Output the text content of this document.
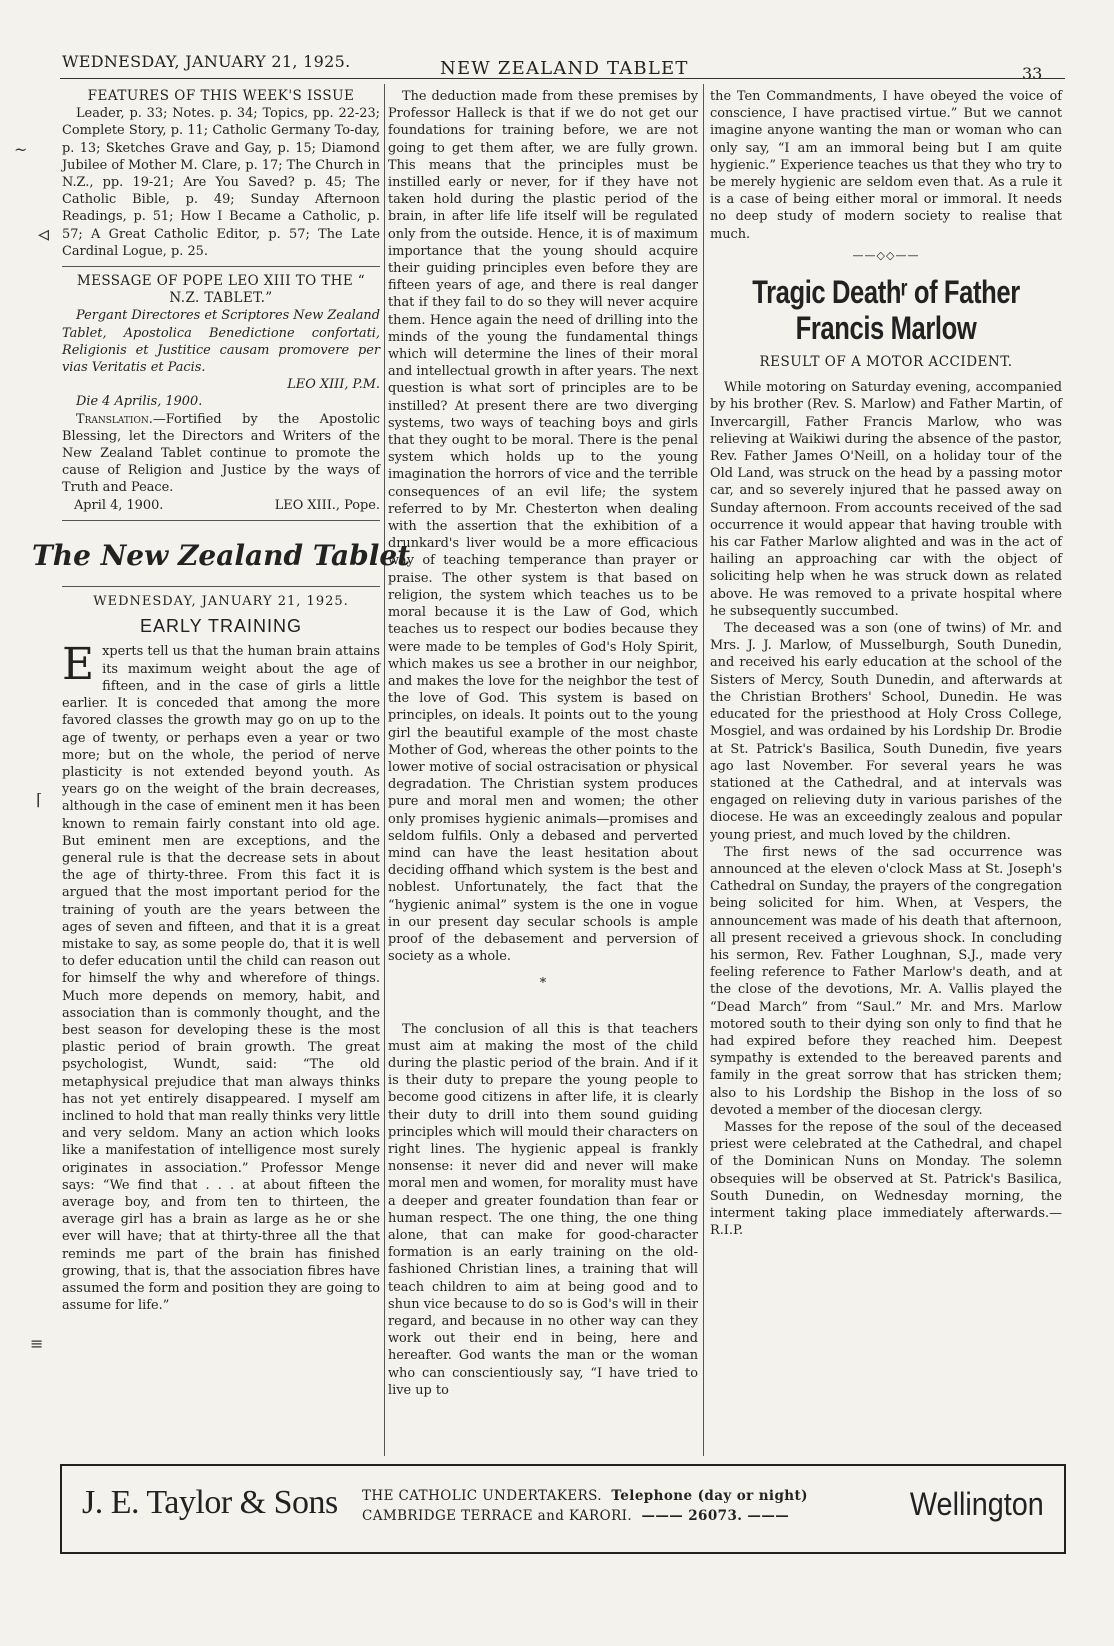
WEDNESDAY, JANUARY 21, 1925.	NEW ZEALAND TABLET	33
~
◃
⌈
≡
FEATURES OF THIS WEEK'S ISSUE

Leader, p. 33; Notes. p. 34; Topics, pp. 22-23; Complete Story, p. 11; Catholic Germany To-day, p. 13; Sketches Grave and Gay, p. 15; Diamond Jubilee of Mother M. Clare, p. 17; The Church in N.Z., pp. 19-21; Are You Saved? p. 45; The Catholic Bible, p. 49; Sunday Afternoon Readings, p. 51; How I Became a Catholic, p. 57; A Great Catholic Editor, p. 57; The Late Cardinal Logue, p. 25.

MESSAGE OF POPE LEO XIII TO THE “ N.Z. TABLET.”

Pergant Directores et Scriptores New Zealand Tablet, Apostolica Benedictione confortati, Religionis et Justitice causam promovere per vias Veritatis et Pacis.

LEO XIII, P.M.

Die 4 Aprilis, 1900.

Translation.—Fortified by the Apostolic Blessing, let the Directors and Writers of the New Zealand Tablet continue to promote the cause of Religion and Justice by the ways of Truth and Peace.

April 4, 1900.	LEO XIII., Pope.
The New Zealand Tablet
WEDNESDAY, JANUARY 21, 1925.
EARLY TRAINING

Experts tell us that the human brain attains its maximum weight about the age of fifteen, and in the case of girls a little earlier. It is conceded that among the more favored classes the growth may go on up to the age of twenty, or perhaps even a year or two more; but on the whole, the period of nerve plasticity is not extended beyond youth. As years go on the weight of the brain decreases, although in the case of eminent men it has been known to remain fairly constant into old age. But eminent men are exceptions, and the general rule is that the decrease sets in about the age of thirty-three. From this fact it is argued that the most important period for the training of youth are the years between the ages of seven and fifteen, and that it is a great mistake to say, as some people do, that it is well to defer education until the child can reason out for himself the why and wherefore of things. Much more depends on memory, habit, and association than is commonly thought, and the best season for developing these is the most plastic period of brain growth. The great psychologist, Wundt, said: “The old metaphysical prejudice that man always thinks has not yet entirely disappeared. I myself am inclined to hold that man really thinks very little and very seldom. Many an action which looks like a manifestation of intelligence most surely originates in association.” Professor Menge says: “We find that . . . at about fifteen the average boy, and from ten to thirteen, the average girl has a brain as large as he or she ever will have; that at thirty-three all the that reminds me part of the brain has finished growing, that is, that the association fibres have assumed the form and position they are going to assume for life.”

The deduction made from these premises by Professor Halleck is that if we do not get our foundations for training before, we are not going to get them after, we are fully grown. This means that the principles must be instilled early or never, for if they have not taken hold during the plastic period of the brain, in after life life itself will be regulated only from the outside. Hence, it is of maximum importance that the young should acquire their guiding principles even before they are fifteen years of age, and there is real danger that if they fail to do so they will never acquire them. Hence again the need of drilling into the minds of the young the fundamental things which will determine the lines of their moral and intellectual growth in after years. The next question is what sort of principles are to be instilled? At present there are two diverging systems, two ways of teaching boys and girls that they ought to be moral. There is the penal system which holds up to the young imagination the horrors of vice and the terrible consequences of an evil life; the system referred to by Mr. Chesterton when dealing with the assertion that the exhibition of a drunkard's liver would be a more efficacious way of teaching temperance than prayer or praise. The other system is that based on religion, the system which teaches us to be moral because it is the Law of God, which teaches us to respect our bodies because they were made to be temples of God's Holy Spirit, which makes us see a brother in our neighbor, and makes the love for the neighbor the test of the love of God. This system is based on principles, on ideals. It points out to the young girl the beautiful example of the most chaste Mother of God, whereas the other points to the lower motive of social ostracisation or physical degradation. The Christian system produces pure and moral men and women; the other only promises hygienic animals—promises and seldom fulfils. Only a debased and perverted mind can have the least hesitation about deciding offhand which system is the best and noblest. Unfortunately, the fact that the “hygienic animal” system is the one in vogue in our present day secular schools is ample proof of the debasement and perversion of society as a whole.

*

The conclusion of all this is that teachers must aim at making the most of the child during the plastic period of the brain. And if it is their duty to prepare the young people to become good citizens in after life, it is clearly their duty to drill into them sound guiding principles which will mould their characters on right lines. The hygienic appeal is frankly nonsense: it never did and never will make moral men and women, for morality must have a deeper and greater foundation than fear or human respect. The one thing, the one thing alone, that can make for good-character formation is an early training on the old-fashioned Christian lines, a training that will teach children to aim at being good and to shun vice because to do so is God's will in their regard, and because in no other way can they work out their end in being, here and hereafter. God wants the man or the woman who can conscientiously say, “I have tried to live up to

the Ten Commandments, I have obeyed the voice of conscience, I have practised virtue.” But we cannot imagine anyone wanting the man or woman who can only say, “I am an immoral being but I am quite hygienic.” Experience teaches us that they who try to be merely hygienic are seldom even that. As a rule it is a case of being either moral or immoral. It needs no deep study of modern society to realise that much.

——◇◇——
Tragic Deathʳ of Father Francis Marlow
RESULT OF A MOTOR ACCIDENT.

While motoring on Saturday evening, accompanied by his brother (Rev. S. Marlow) and Father Martin, of Invercargill, Father Francis Marlow, who was relieving at Waikiwi during the absence of the pastor, Rev. Father James O'Neill, on a holiday tour of the Old Land, was struck on the head by a passing motor car, and so severely injured that he passed away on Sunday afternoon. From accounts received of the sad occurrence it would appear that having trouble with his car Father Marlow alighted and was in the act of hailing an approaching car with the object of soliciting help when he was struck down as related above. He was removed to a private hospital where he subsequently succumbed.

The deceased was a son (one of twins) of Mr. and Mrs. J. J. Marlow, of Musselburgh, South Dunedin, and received his early education at the school of the Sisters of Mercy, South Dunedin, and afterwards at the Christian Brothers' School, Dunedin. He was educated for the priesthood at Holy Cross College, Mosgiel, and was ordained by his Lordship Dr. Brodie at St. Patrick's Basilica, South Dunedin, five years ago last November. For several years he was stationed at the Cathedral, and at intervals was engaged on relieving duty in various parishes of the diocese. He was an exceedingly zealous and popular young priest, and much loved by the children.

The first news of the sad occurrence was announced at the eleven o'clock Mass at St. Joseph's Cathedral on Sunday, the prayers of the congregation being solicited for him. When, at Vespers, the announcement was made of his death that afternoon, all present received a grievous shock. In concluding his sermon, Rev. Father Loughnan, S.J., made very feeling reference to Father Marlow's death, and at the close of the devotions, Mr. A. Vallis played the “Dead March” from “Saul.” Mr. and Mrs. Marlow motored south to their dying son only to find that he had expired before they reached him. Deepest sympathy is extended to the bereaved parents and family in the great sorrow that has stricken them; also to his Lordship the Bishop in the loss of so devoted a member of the diocesan clergy.

Masses for the repose of the soul of the deceased priest were celebrated at the Cathedral, and chapel of the Dominican Nuns on Monday. The solemn obsequies will be observed at St. Patrick's Basilica, South Dunedin, on Wednesday morning, the interment taking place immediately afterwards.—R.I.P.

J. E. Taylor & Sons THE CATHOLIC UNDERTAKERS. Telephone (day or night)
CAMBRIDGE TERRACE and KARORI. ——— 26073. ———	Wellington
